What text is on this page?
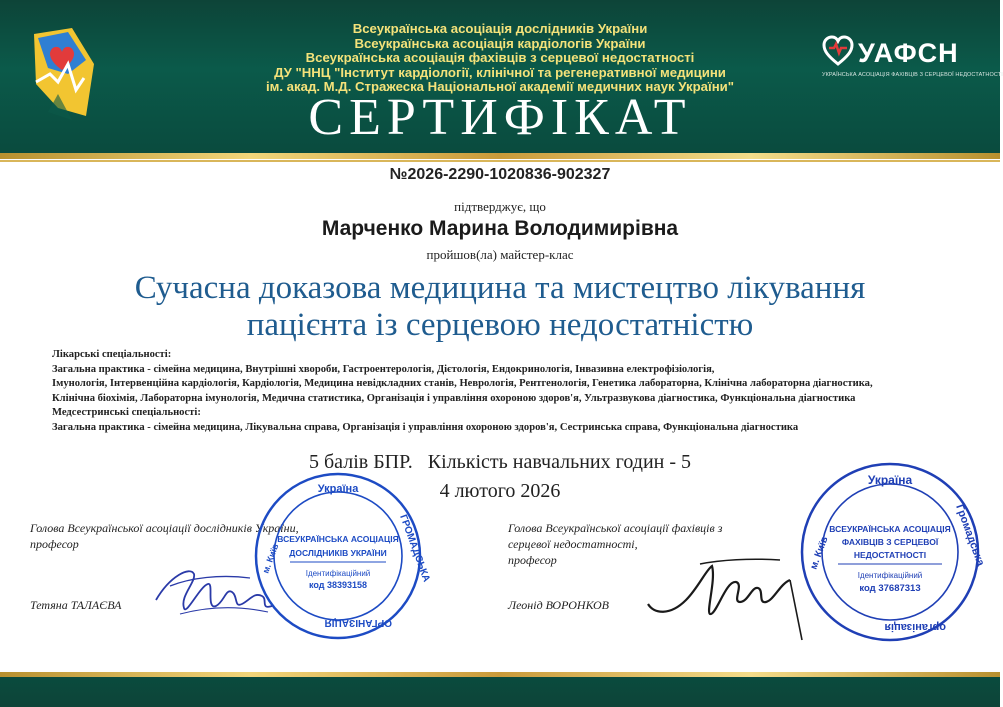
Всеукраїнська асоціація дослідників України
Всеукраїнська асоціація кардіологів України
Всеукраїнська асоціація фахівців з серцевої недостатності
ДУ "ННЦ "Інститут кардіології, клінічної та регенеративної медицини
ім. акад. М.Д. Стражеска Національної академії медичних наук України"
УАФСН
УКРАЇНСЬКА АСОЦІАЦІЯ ФАХІВЦІВ З СЕРЦЕВОЇ НЕДОСТАТНОСТІ
СЕРТИФІКАТ
№2026-2290-1020836-902327
підтверджує, що
Марченко Марина Володимирівна
пройшов(ла) майстер-клас
Сучасна доказова медицина та мистецтво лікування
пацієнта із серцевою недостатністю
Лікарські спеціальності:
Загальна практика - сімейна медицина, Внутрішні хвороби, Гастроентерологія, Дієтологія, Ендокринологія, Інвазивна електрофізіологія,
Імунологія, Інтервенційна кардіологія, Кардіологія, Медицина невідкладних станів, Неврологія, Рентгенологія, Генетика лабораторна, Клінічна лабораторна діагностика,
Клінічна біохімія, Лабораторна імунологія, Медична статистика, Організація і управління охороною здоров'я, Ультразвукова діагностика, Функціональна діагностика
Медсестринські спеціальності:
Загальна практика - сімейна медицина, Лікувальна справа, Організація і управління охороною здоров'я, Сестринська справа, Функціональна діагностика
5 балів БПР.   Кількість навчальних годин - 5
4 лютого 2026
Голова Всеукраїнської асоціації дослідників України,
професор
Тетяна ТАЛАЄВА
Україна
м. Київ	ГРОМАДСЬКА
ОРГАНІЗАЦІЯ
ВСЕУКРАЇНСЬКА АСОЦІАЦІЯ
ДОСЛІДНИКІВ УКРАЇНИ
Ідентифікаційний
код 38393158
Голова Всеукраїнської асоціації фахівців з
серцевої недостатності,
професор
Леонід ВОРОНКОВ
Україна
м. Київ	Громадська
організація
ВСЕУКРАЇНСЬКА АСОЦІАЦІЯ
ФАХІВЦІВ З СЕРЦЕВОЇ
НЕДОСТАТНОСТІ
Ідентифікаційний
код 37687313
